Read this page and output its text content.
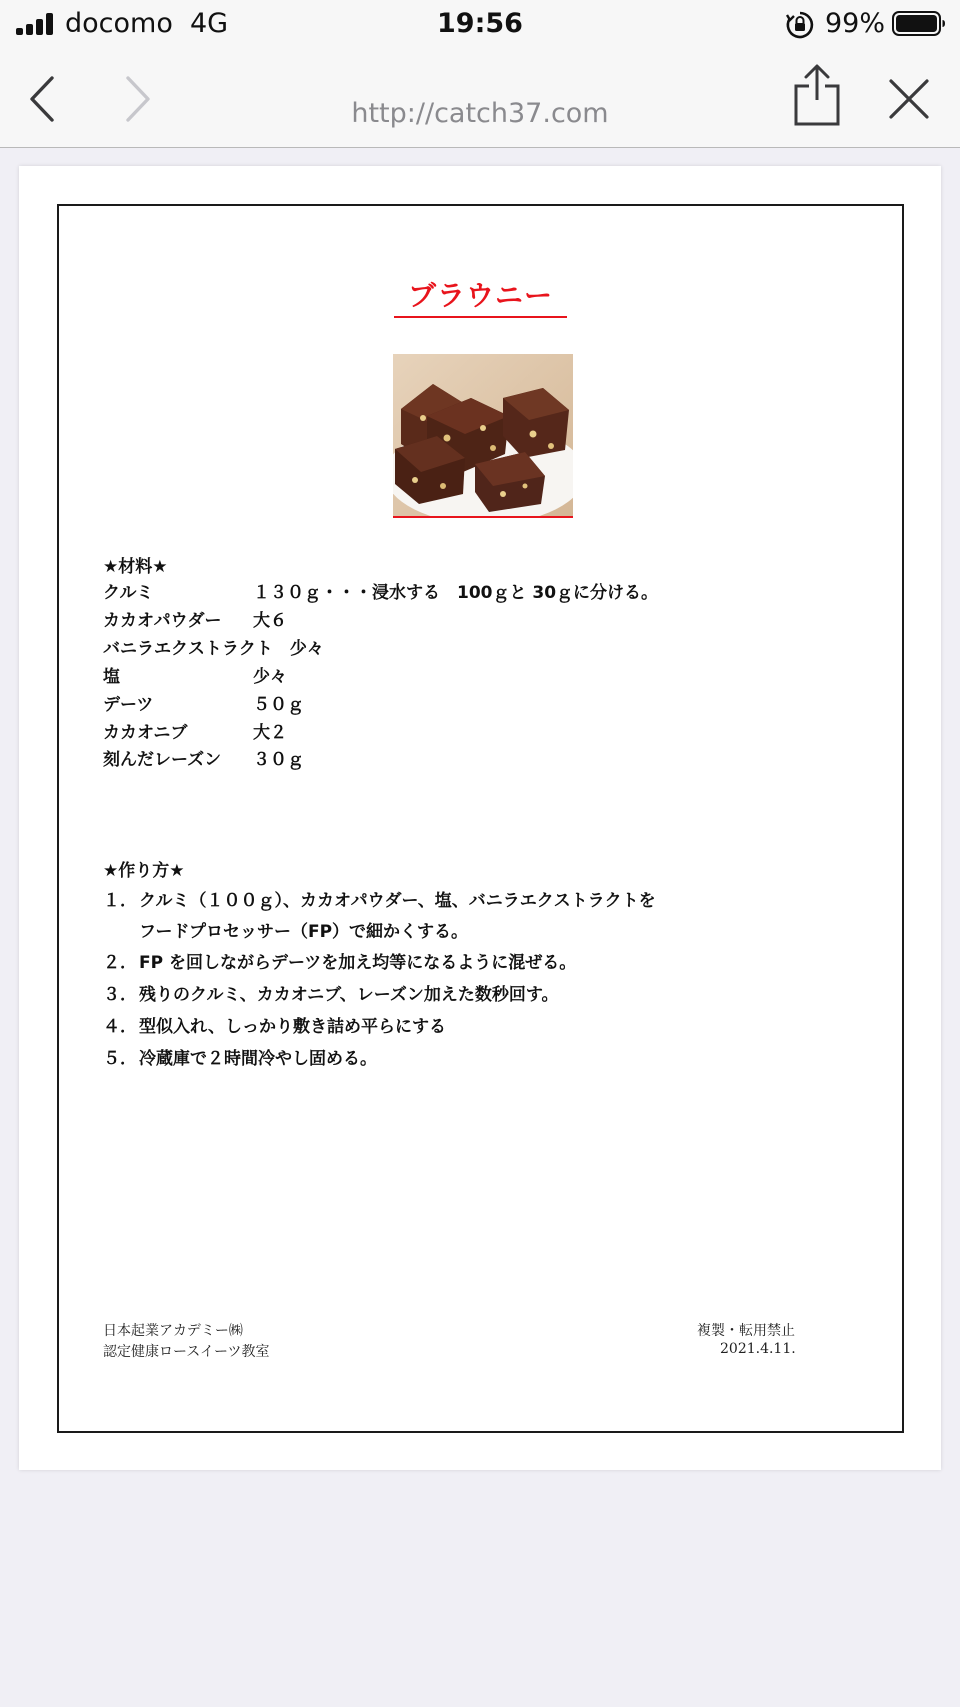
docomo 4G	19:56	99%
http://catch37.com
ブラウニー
★材料★
クルミ	１３０ｇ・・・浸水する　100ｇと 30ｇに分ける。
カカオパウダー 大６
バニラエクストラクト　少々
塩	少々
デーツ	５０ｇ
カカオニブ	大２
刻んだレーズン ３０ｇ
★作り方★
１． クルミ（１００ｇ）、カカオパウダー、塩、バニラエクストラクトを
フードプロセッサー（FP）で細かくする。
２． FP を回しながらデーツを加え均等になるように混ぜる。
３． 残りのクルミ、カカオニブ、レーズン加えた数秒回す。
４． 型似入れ、しっかり敷き詰め平らにする
５． 冷蔵庫で２時間冷やし固める。
日本起業アカデミー㈱
認定健康ロースイーツ教室
複製・転用禁止
2021.4.11.
